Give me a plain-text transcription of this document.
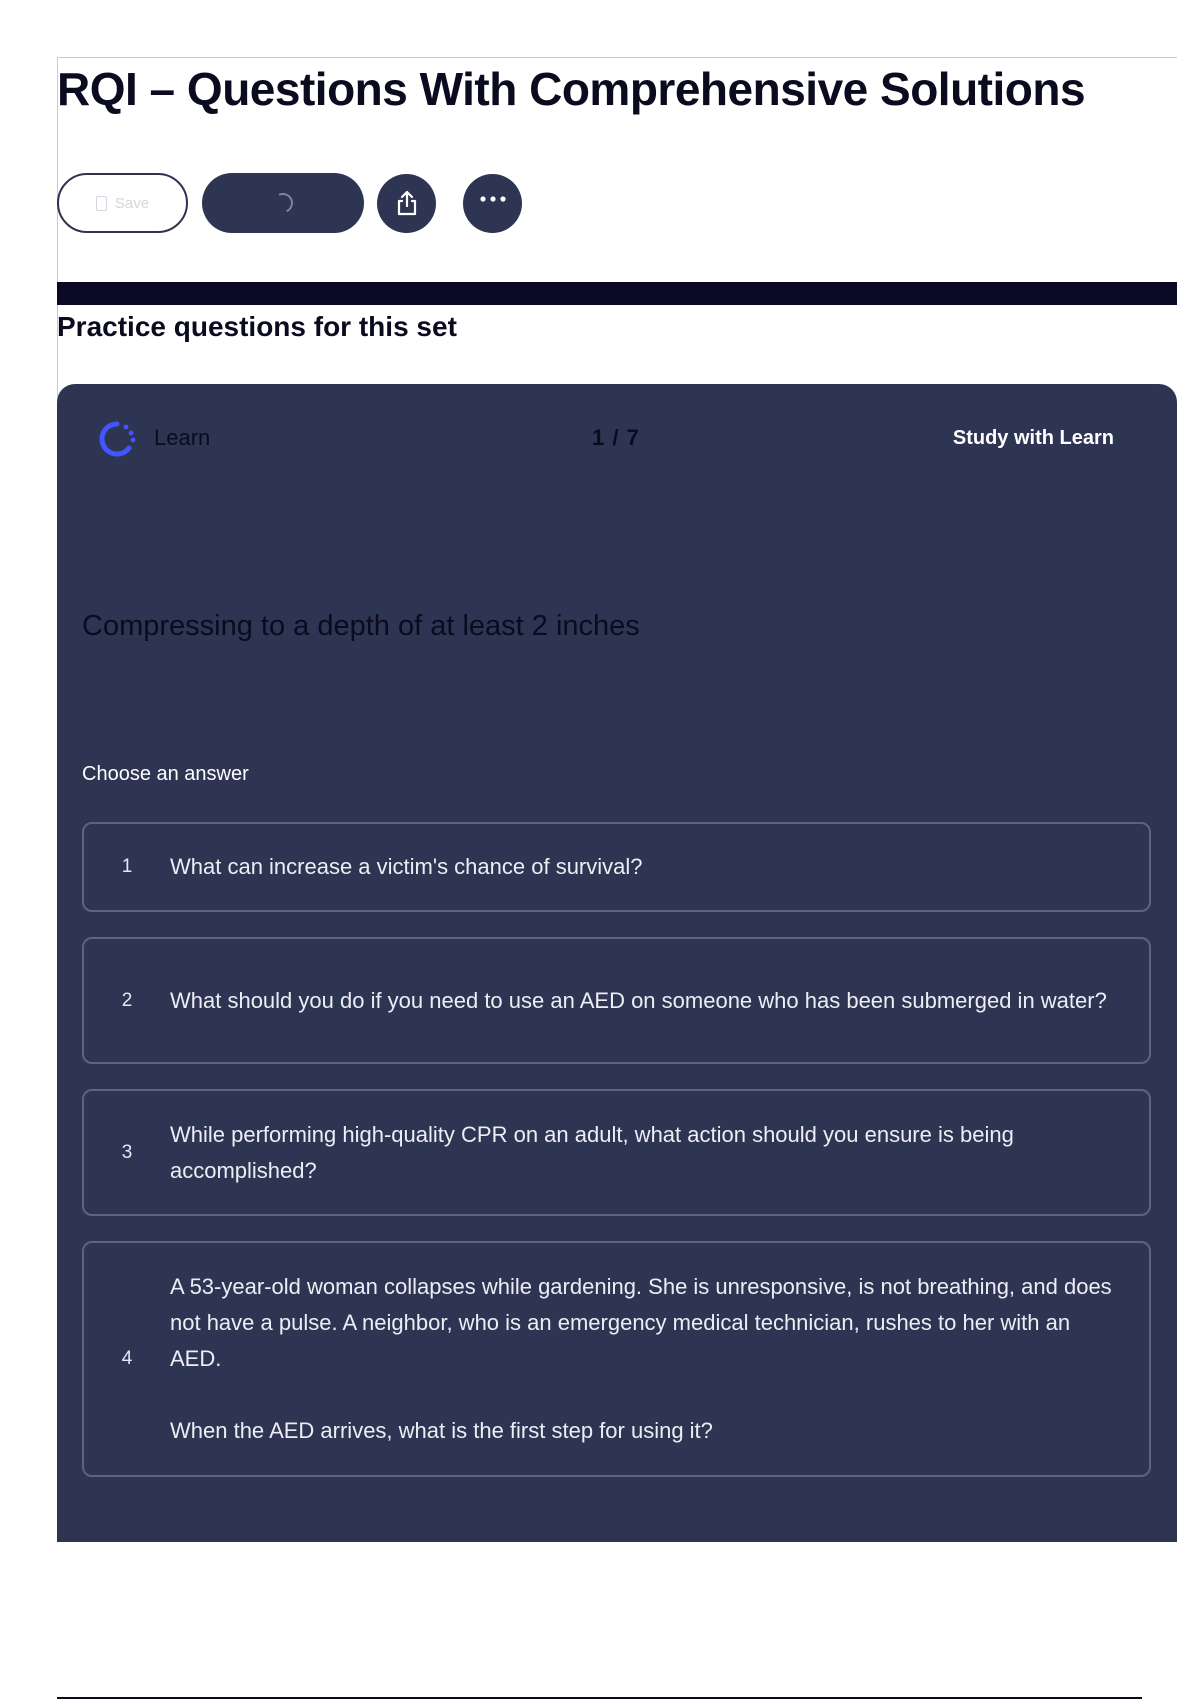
RQI – Questions With Comprehensive Solutions
Save
Practice questions for this set
Learn	1 / 7	Study with Learn
Compressing to a depth of at least 2 inches
Choose an answer
1	What can increase a victim's chance of survival?

2	What should you do if you need to use an AED on someone who has been submerged in water?

3

While performing high-quality CPR on an adult, what action should you ensure is being accomplished?

4

A 53-year-old woman collapses while gardening. She is unresponsive, is not breathing, and does not have a pulse. A neighbor, who is an emergency medical technician, rushes to her with an AED.

When the AED arrives, what is the first step for using it?
